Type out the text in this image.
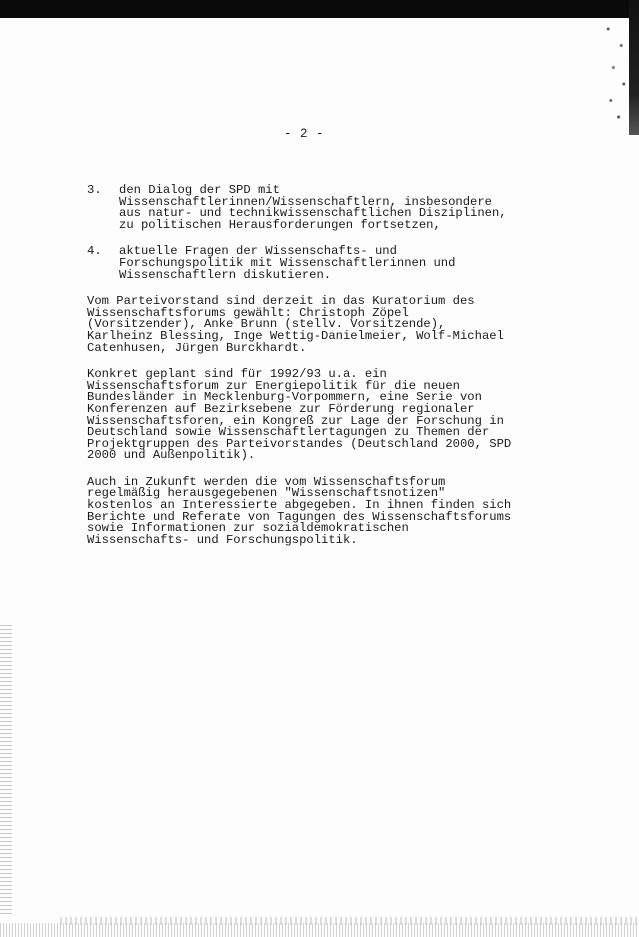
- 2 -
3. den Dialog der SPD mit
Wissenschaftlerinnen/Wissenschaftlern, insbesondere
aus natur- und technikwissenschaftlichen Disziplinen,
zu politischen Herausforderungen fortsetzen,
4. aktuelle Fragen der Wissenschafts- und
Forschungspolitik mit Wissenschaftlerinnen und
Wissenschaftlern diskutieren.
Vom Parteivorstand sind derzeit in das Kuratorium des
Wissenschaftsforums gewählt: Christoph Zöpel
(Vorsitzender), Anke Brunn (stellv. Vorsitzende),
Karlheinz Blessing, Inge Wettig-Danielmeier, Wolf-Michael
Catenhusen, Jürgen Burckhardt.
Konkret geplant sind für 1992/93 u.a. ein
Wissenschaftsforum zur Energiepolitik für die neuen
Bundesländer in Mecklenburg-Vorpommern, eine Serie von
Konferenzen auf Bezirksebene zur Förderung regionaler
Wissenschaftsforen, ein Kongreß zur Lage der Forschung in
Deutschland sowie Wissenschaftlertagungen zu Themen der
Projektgruppen des Parteivorstandes (Deutschland 2000, SPD
2000 und Außenpolitik).
Auch in Zukunft werden die vom Wissenschaftsforum
regelmäßig herausgegebenen "Wissenschaftsnotizen"
kostenlos an Interessierte abgegeben. In ihnen finden sich
Berichte und Referate von Tagungen des Wissenschaftsforums
sowie Informationen zur sozialdemokratischen
Wissenschafts- und Forschungspolitik.
